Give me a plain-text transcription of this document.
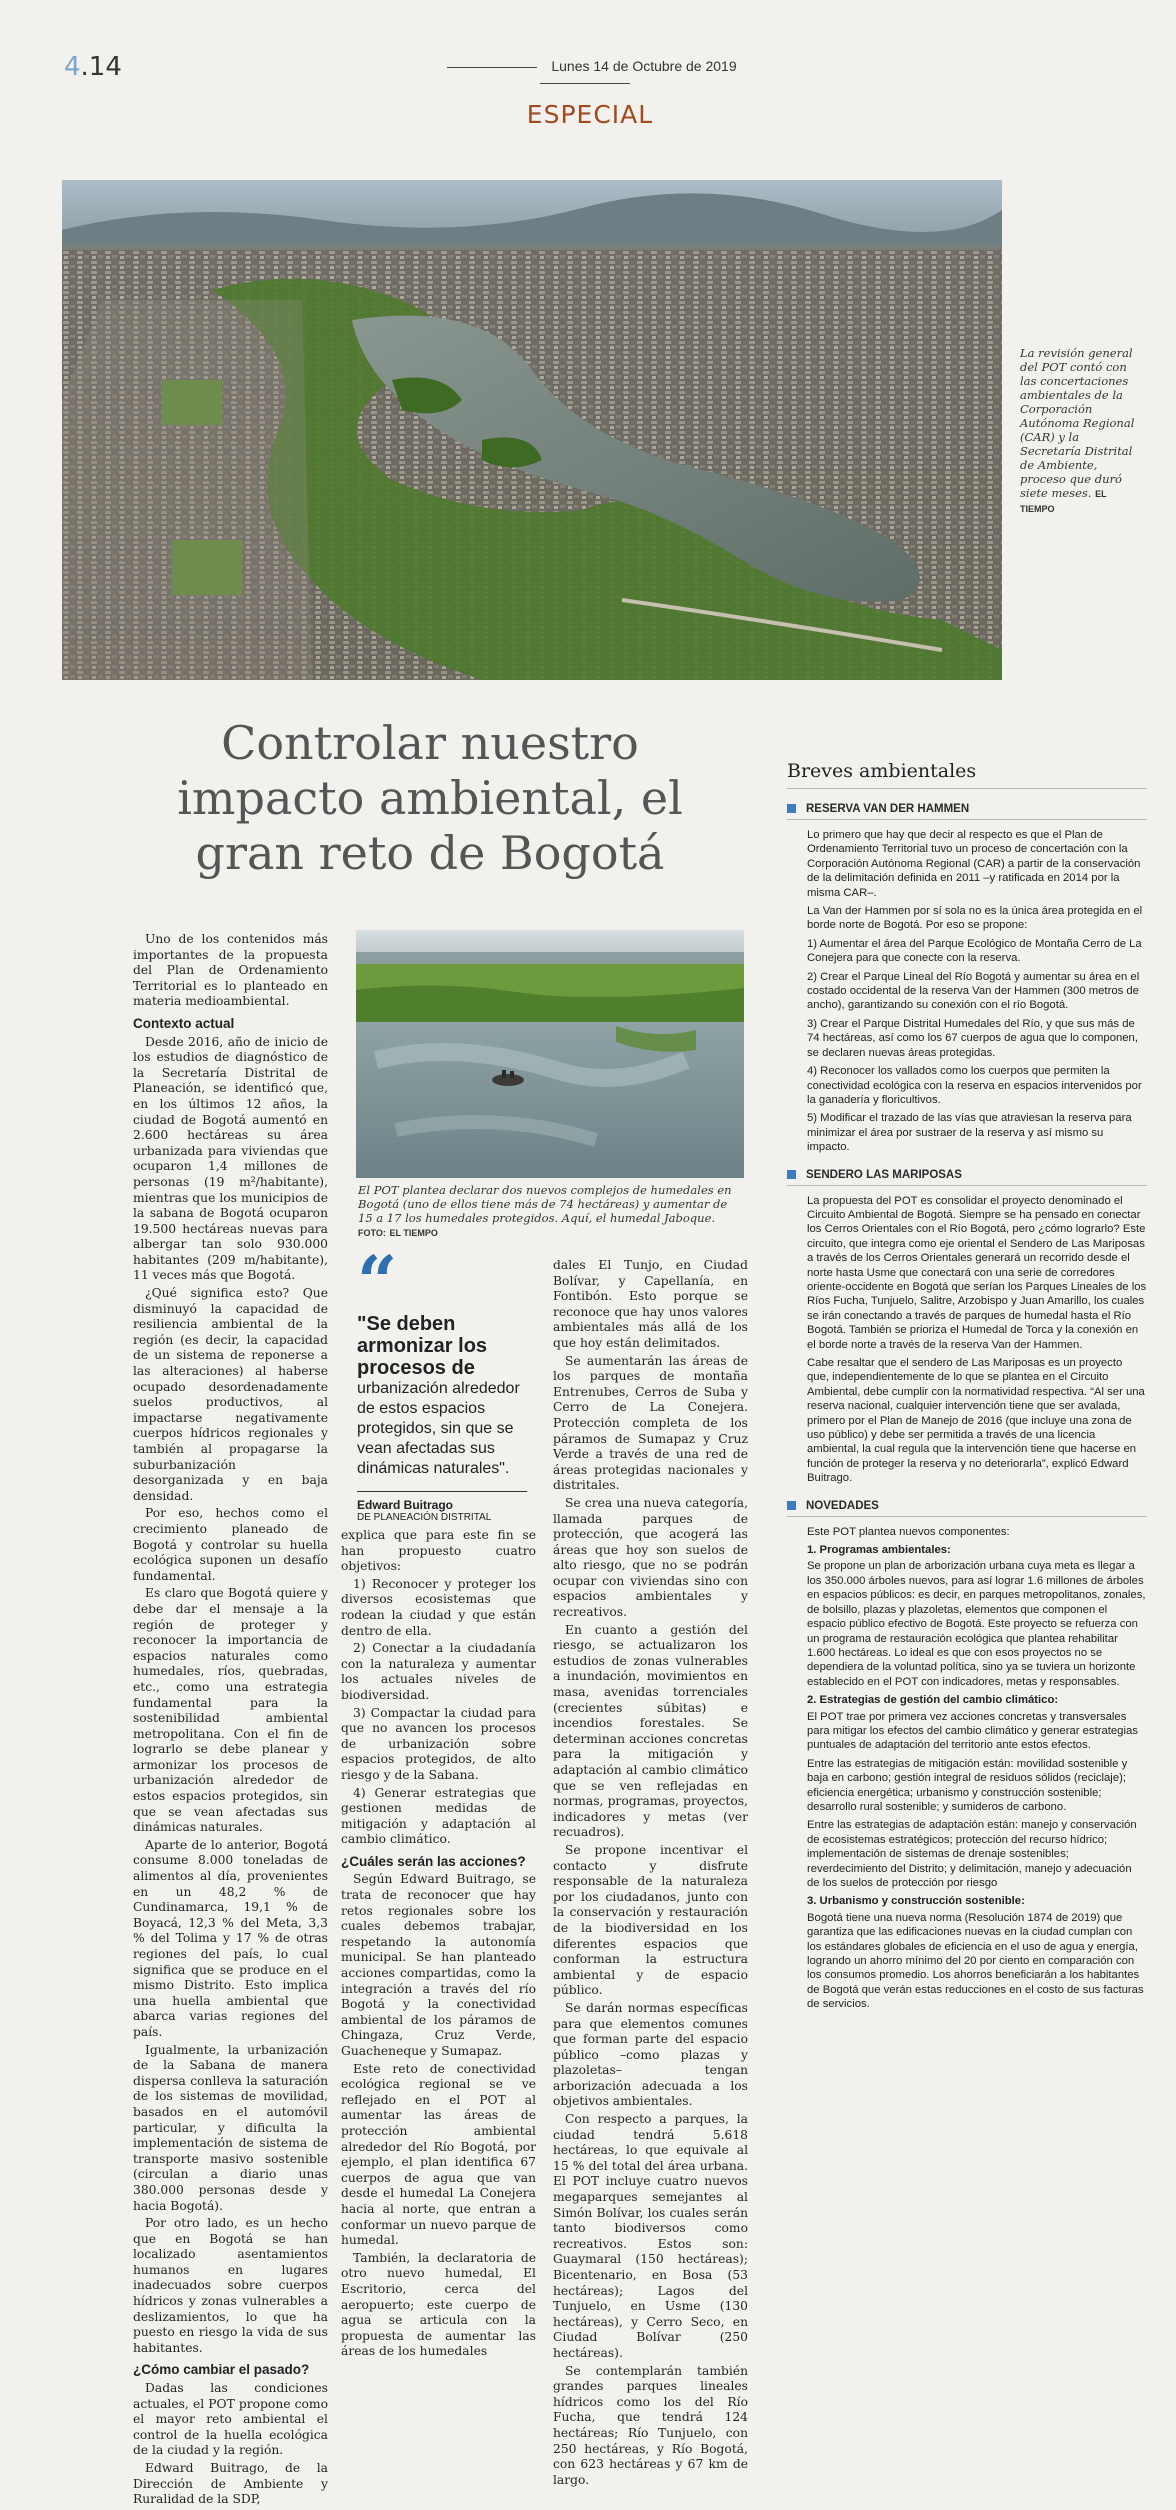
4.14	Lunes 14 de Octubre de 2019
ESPECIAL
La revisión general del POT contó con las concertaciones ambientales de la Corporación Autónoma Regional (CAR) y la Secretaría Distrital de Ambiente, proceso que duró siete meses. EL TIEMPO
Controlar nuestro impacto ambiental, el gran reto de Bogotá

Uno de los contenidos más importantes de la propuesta del Plan de Ordenamiento Territorial es lo planteado en materia medioambiental.

Contexto actual

Desde 2016, año de inicio de los estudios de diagnóstico de la Secretaría Distrital de Planeación, se identificó que, en los últimos 12 años, la ciudad de Bogotá aumentó en 2.600 hectáreas su área urbanizada para viviendas que ocuparon 1,4 millones de personas (19 m²/habitante), mientras que los municipios de la sabana de Bogotá ocuparon 19.500 hectáreas nuevas para albergar tan solo 930.000 habitantes (209 m/habitante), 11 veces más que Bogotá.

¿Qué significa esto? Que disminuyó la capacidad de resiliencia ambiental de la región (es decir, la capacidad de un sistema de reponerse a las alteraciones) al haberse ocupado desordenadamente suelos productivos, al impactarse negativamente cuerpos hídricos regionales y también al propagarse la suburbanización desorganizada y en baja densidad.

Por eso, hechos como el crecimiento planeado de Bogotá y controlar su huella ecológica suponen un desafío fundamental.

Es claro que Bogotá quiere y debe dar el mensaje a la región de proteger y reconocer la importancia de espacios naturales como humedales, ríos, quebradas, etc., como una estrategia fundamental para la sostenibilidad ambiental metropolitana. Con el fin de lograrlo se debe planear y armonizar los procesos de urbanización alrededor de estos espacios protegidos, sin que se vean afectadas sus dinámicas naturales.

Aparte de lo anterior, Bogotá consume 8.000 toneladas de alimentos al día, provenientes en un 48,2 % de Cundinamarca, 19,1 % de Boyacá, 12,3 % del Meta, 3,3 % del Tolima y 17 % de otras regiones del país, lo cual significa que se produce en el mismo Distrito. Esto implica una huella ambiental que abarca varias regiones del país.

Igualmente, la urbanización de la Sabana de manera dispersa conlleva la saturación de los sistemas de movilidad, basados en el automóvil particular, y dificulta la implementación de sistema de transporte masivo sostenible (circulan a diario unas 380.000 personas desde y hacia Bogotá).

Por otro lado, es un hecho que en Bogotá se han localizado asentamientos humanos en lugares inadecuados sobre cuerpos hídricos y zonas vulnerables a deslizamientos, lo que ha puesto en riesgo la vida de sus habitantes.

¿Cómo cambiar el pasado?

Dadas las condiciones actuales, el POT propone como el mayor reto ambiental el control de la huella ecológica de la ciudad y la región.

Edward Buitrago, de la Dirección de Ambiente y Ruralidad de la SDP,

El POT plantea declarar dos nuevos complejos de humedales en Bogotá (uno de ellos tiene más de 74 hectáreas) y aumentar de 15 a 17 los humedales protegidos. Aquí, el humedal Jaboque. FOTO: EL TIEMPO
“
"Se deben armonizar los procesos de
urbanización alrededor de estos espacios protegidos, sin que se vean afectadas sus dinámicas naturales".
Edward Buitrago
DE PLANEACIÓN DISTRITAL

explica que para este fin se han propuesto cuatro objetivos:

1) Reconocer y proteger los diversos ecosistemas que rodean la ciudad y que están dentro de ella.

2) Conectar a la ciudadanía con la naturaleza y aumentar los actuales niveles de biodiversidad.

3) Compactar la ciudad para que no avancen los procesos de urbanización sobre espacios protegidos, de alto riesgo y de la Sabana.

4) Generar estrategias que gestionen medidas de mitigación y adaptación al cambio climático.

¿Cuáles serán las acciones?

Según Edward Buitrago, se trata de reconocer que hay retos regionales sobre los cuales debemos trabajar, respetando la autonomía municipal. Se han planteado acciones compartidas, como la integración a través del río Bogotá y la conectividad ambiental de los páramos de Chingaza, Cruz Verde, Guacheneque y Sumapaz.

Este reto de conectividad ecológica regional se ve reflejado en el POT al aumentar las áreas de protección ambiental alrededor del Río Bogotá, por ejemplo, el plan identifica 67 cuerpos de agua que van desde el humedal La Conejera hacia al norte, que entran a conformar un nuevo parque de humedal.

También, la declaratoria de otro nuevo humedal, El Escritorio, cerca del aeropuerto; este cuerpo de agua se articula con la propuesta de aumentar las áreas de los humedales

dales El Tunjo, en Ciudad Bolívar, y Capellanía, en Fontibón. Esto porque se reconoce que hay unos valores ambientales más allá de los que hoy están delimitados.

Se aumentarán las áreas de los parques de montaña Entrenubes, Cerros de Suba y Cerro de La Conejera. Protección completa de los páramos de Sumapaz y Cruz Verde a través de una red de áreas protegidas nacionales y distritales.

Se crea una nueva categoría, llamada parques de protección, que acogerá las áreas que hoy son suelos de alto riesgo, que no se podrán ocupar con viviendas sino con espacios ambientales y recreativos.

En cuanto a gestión del riesgo, se actualizaron los estudios de zonas vulnerables a inundación, movimientos en masa, avenidas torrenciales (crecientes súbitas) e incendios forestales. Se determinan acciones concretas para la mitigación y adaptación al cambio climático que se ven reflejadas en normas, programas, proyectos, indicadores y metas (ver recuadros).

Se propone incentivar el contacto y disfrute responsable de la naturaleza por los ciudadanos, junto con la conservación y restauración de la biodiversidad en los diferentes espacios que conforman la estructura ambiental y de espacio público.

Se darán normas específicas para que elementos comunes que forman parte del espacio público –como plazas y plazoletas– tengan arborización adecuada a los objetivos ambientales.

Con respecto a parques, la ciudad tendrá 5.618 hectáreas, lo que equivale al 15 % del total del área urbana. El POT incluye cuatro nuevos megaparques semejantes al Simón Bolívar, los cuales serán tanto biodiversos como recreativos. Estos son: Guaymaral (150 hectáreas); Bicentenario, en Bosa (53 hectáreas); Lagos del Tunjuelo, en Usme (130 hectáreas), y Cerro Seco, en Ciudad Bolívar (250 hectáreas).

Se contemplarán también grandes parques lineales hídricos como los del Río Fucha, que tendrá 124 hectáreas; Río Tunjuelo, con 250 hectáreas, y Río Bogotá, con 623 hectáreas y 67 km de largo.

Breves ambientales
RESERVA VAN DER HAMMEN

Lo primero que hay que decir al respecto es que el Plan de Ordenamiento Territorial tuvo un proceso de concertación con la Corporación Autónoma Regional (CAR) a partir de la conservación de la delimitación definida en 2011 –y ratificada en 2014 por la misma CAR–.

La Van der Hammen por sí sola no es la única área protegida en el borde norte de Bogotá. Por eso se propone:

1) Aumentar el área del Parque Ecológico de Montaña Cerro de La Conejera para que conecte con la reserva.

2) Crear el Parque Lineal del Río Bogotá y aumentar su área en el costado occidental de la reserva Van der Hammen (300 metros de ancho), garantizando su conexión con el río Bogotá.

3) Crear el Parque Distrital Humedales del Río, y que sus más de 74 hectáreas, así como los 67 cuerpos de agua que lo componen, se declaren nuevas áreas protegidas.

4) Reconocer los vallados como los cuerpos que permiten la conectividad ecológica con la reserva en espacios intervenidos por la ganadería y floricultivos.

5) Modificar el trazado de las vías que atraviesan la reserva para minimizar el área por sustraer de la reserva y así mismo su impacto.

SENDERO LAS MARIPOSAS

La propuesta del POT es consolidar el proyecto denominado el Circuito Ambiental de Bogotá. Siempre se ha pensado en conectar los Cerros Orientales con el Río Bogotá, pero ¿cómo lograrlo? Este circuito, que integra como eje oriental el Sendero de Las Mariposas a través de los Cerros Orientales generará un recorrido desde el norte hasta Usme que conectará con una serie de corredores oriente-occidente en Bogotá que serían los Parques Lineales de los Ríos Fucha, Tunjuelo, Salitre, Arzobispo y Juan Amarillo, los cuales se irán conectando a través de parques de humedal hasta el Río Bogotá. También se prioriza el Humedal de Torca y la conexión en el borde norte a través de la reserva Van der Hammen.

Cabe resaltar que el sendero de Las Mariposas es un proyecto que, independientemente de lo que se plantea en el Circuito Ambiental, debe cumplir con la normatividad respectiva. “Al ser una reserva nacional, cualquier intervención tiene que ser avalada, primero por el Plan de Manejo de 2016 (que incluye una zona de uso público) y debe ser permitida a través de una licencia ambiental, la cual regula que la intervención tiene que hacerse en función de proteger la reserva y no deteriorarla”, explicó Edward Buitrago.

NOVEDADES

Este POT plantea nuevos componentes:

1. Programas ambientales:

Se propone un plan de arborización urbana cuya meta es llegar a los 350.000 árboles nuevos, para así lograr 1.6 millones de árboles en espacios públicos: es decir, en parques metropolitanos, zonales, de bolsillo, plazas y plazoletas, elementos que componen el espacio público efectivo de Bogotá. Este proyecto se refuerza con un programa de restauración ecológica que plantea rehabilitar 1.600 hectáreas. Lo ideal es que con esos proyectos no se dependiera de la voluntad política, sino ya se tuviera un horizonte establecido en el POT con indicadores, metas y responsables.

2. Estrategias de gestión del cambio climático:

El POT trae por primera vez acciones concretas y transversales para mitigar los efectos del cambio climático y generar estrategias puntuales de adaptación del territorio ante estos efectos.

Entre las estrategias de mitigación están: movilidad sostenible y baja en carbono; gestión integral de residuos sólidos (reciclaje); eficiencia energética; urbanismo y construcción sostenible; desarrollo rural sostenible; y sumideros de carbono.

Entre las estrategias de adaptación están: manejo y conservación de ecosistemas estratégicos; protección del recurso hídrico; implementación de sistemas de drenaje sostenibles; reverdecimiento del Distrito; y delimitación, manejo y adecuación de los suelos de protección por riesgo

3. Urbanismo y construcción sostenible:

Bogotá tiene una nueva norma (Resolución 1874 de 2019) que garantiza que las edificaciones nuevas en la ciudad cumplan con los estándares globales de eficiencia en el uso de agua y energía, logrando un ahorro mínimo del 20 por ciento en comparación con los consumos promedio. Los ahorros beneficiarán a los habitantes de Bogotá que verán estas reducciones en el costo de sus facturas de servicios.
